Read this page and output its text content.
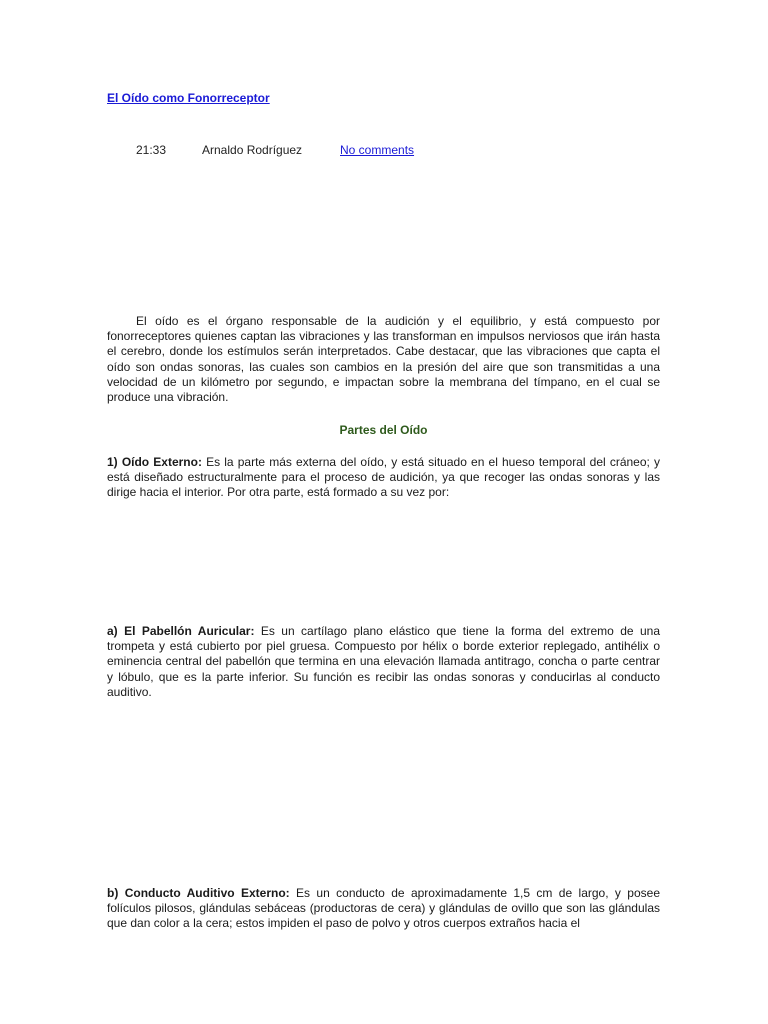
El Oído como Fonorreceptor
21:33	Arnaldo Rodríguez	No comments

El oído es el órgano responsable de la audición y el equilibrio, y está compuesto por fonorreceptores quienes captan las vibraciones y las transforman en impulsos nerviosos que irán hasta el cerebro, donde los estímulos serán interpretados. Cabe destacar, que las vibraciones que capta el oído son ondas sonoras, las cuales son cambios en la presión del aire que son transmitidas a una velocidad de un kilómetro por segundo, e impactan sobre la membrana del tímpano, en el cual se produce una vibración.

Partes del Oído

1) Oído Externo: Es la parte más externa del oído, y está situado en el hueso temporal del cráneo; y está diseñado estructuralmente para el proceso de audición, ya que recoger las ondas sonoras y las dirige hacia el interior. Por otra parte, está formado a su vez por:

a) El Pabellón Auricular: Es un cartílago plano elástico que tiene la forma del extremo de una trompeta y está cubierto por piel gruesa. Compuesto por hélix o borde exterior replegado, antihélix o eminencia central del pabellón que termina en una elevación llamada antitrago, concha o parte centrar y lóbulo, que es la parte inferior. Su función es recibir las ondas sonoras y conducirlas al conducto auditivo.

b) Conducto Auditivo Externo: Es un conducto de aproximadamente 1,5 cm de largo, y posee folículos pilosos, glándulas sebáceas (productoras de cera) y glándulas de ovillo que son las glándulas que dan color a la cera; estos impiden el paso de polvo y otros cuerpos extraños hacia el
